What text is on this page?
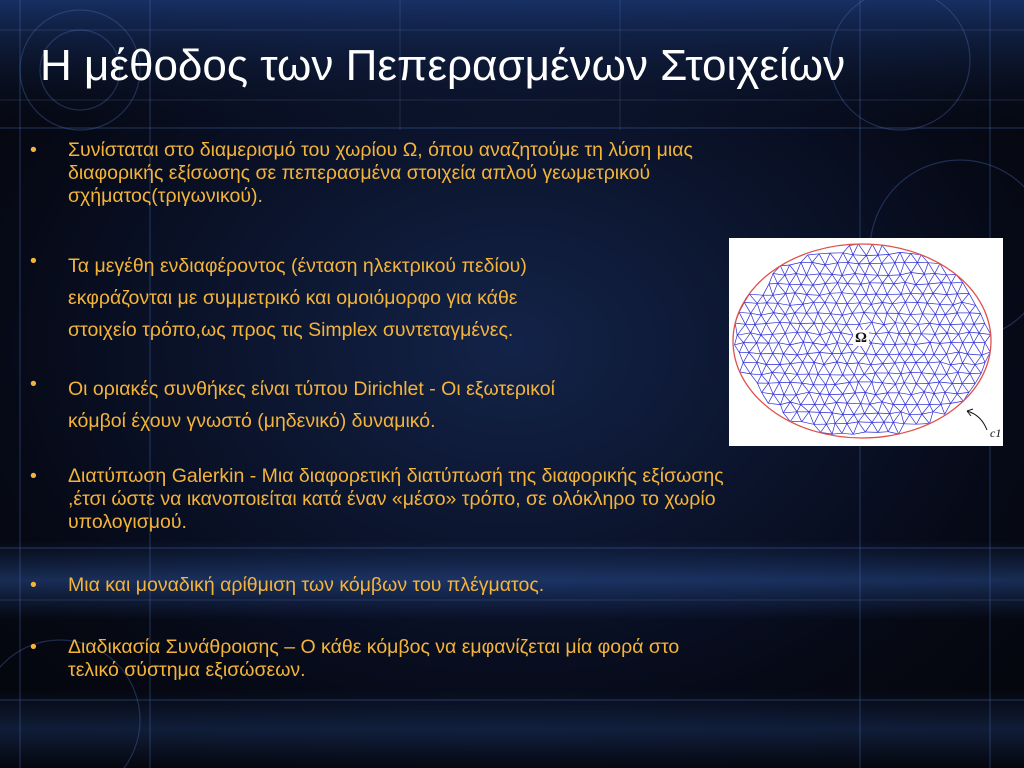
Η μέθοδος των Πεπερασμένων Στοιχείων
•	Συνίσταται στο διαμερισμό του χωρίου Ω, όπου αναζητούμε τη λύση μιας
διαφορικής εξίσωσης σε πεπερασμένα στοιχεία απλού γεωμετρικού
σχήματος(τριγωνικού).
•	Τα μεγέθη ενδιαφέροντος (ένταση ηλεκτρικού πεδίου)
εκφράζονται με συμμετρικό και ομοιόμορφο για κάθε
στοιχείο τρόπο,ως προς τις Simplex συντεταγμένες.
•	Οι οριακές συνθήκες είναι τύπου Dirichlet - Οι εξωτερικοί
κόμβοί έχουν γνωστό (μηδενικό) δυναμικό.
•	Διατύπωση Galerkin - Μια διαφορετική διατύπωσή της διαφορικής εξίσωσης
,έτσι ώστε να ικανοποιείται κατά έναν «μέσο» τρόπο, σε ολόκληρο το χωρίο
υπολογισμού.
•	Μια και μοναδική αρίθμιση των κόμβων του πλέγματος.
•	Διαδικασία Συνάθροισης – Ο κάθε κόμβος να εμφανίζεται μία φορά στο
τελικό σύστημα εξισώσεων.
Ω
c1
